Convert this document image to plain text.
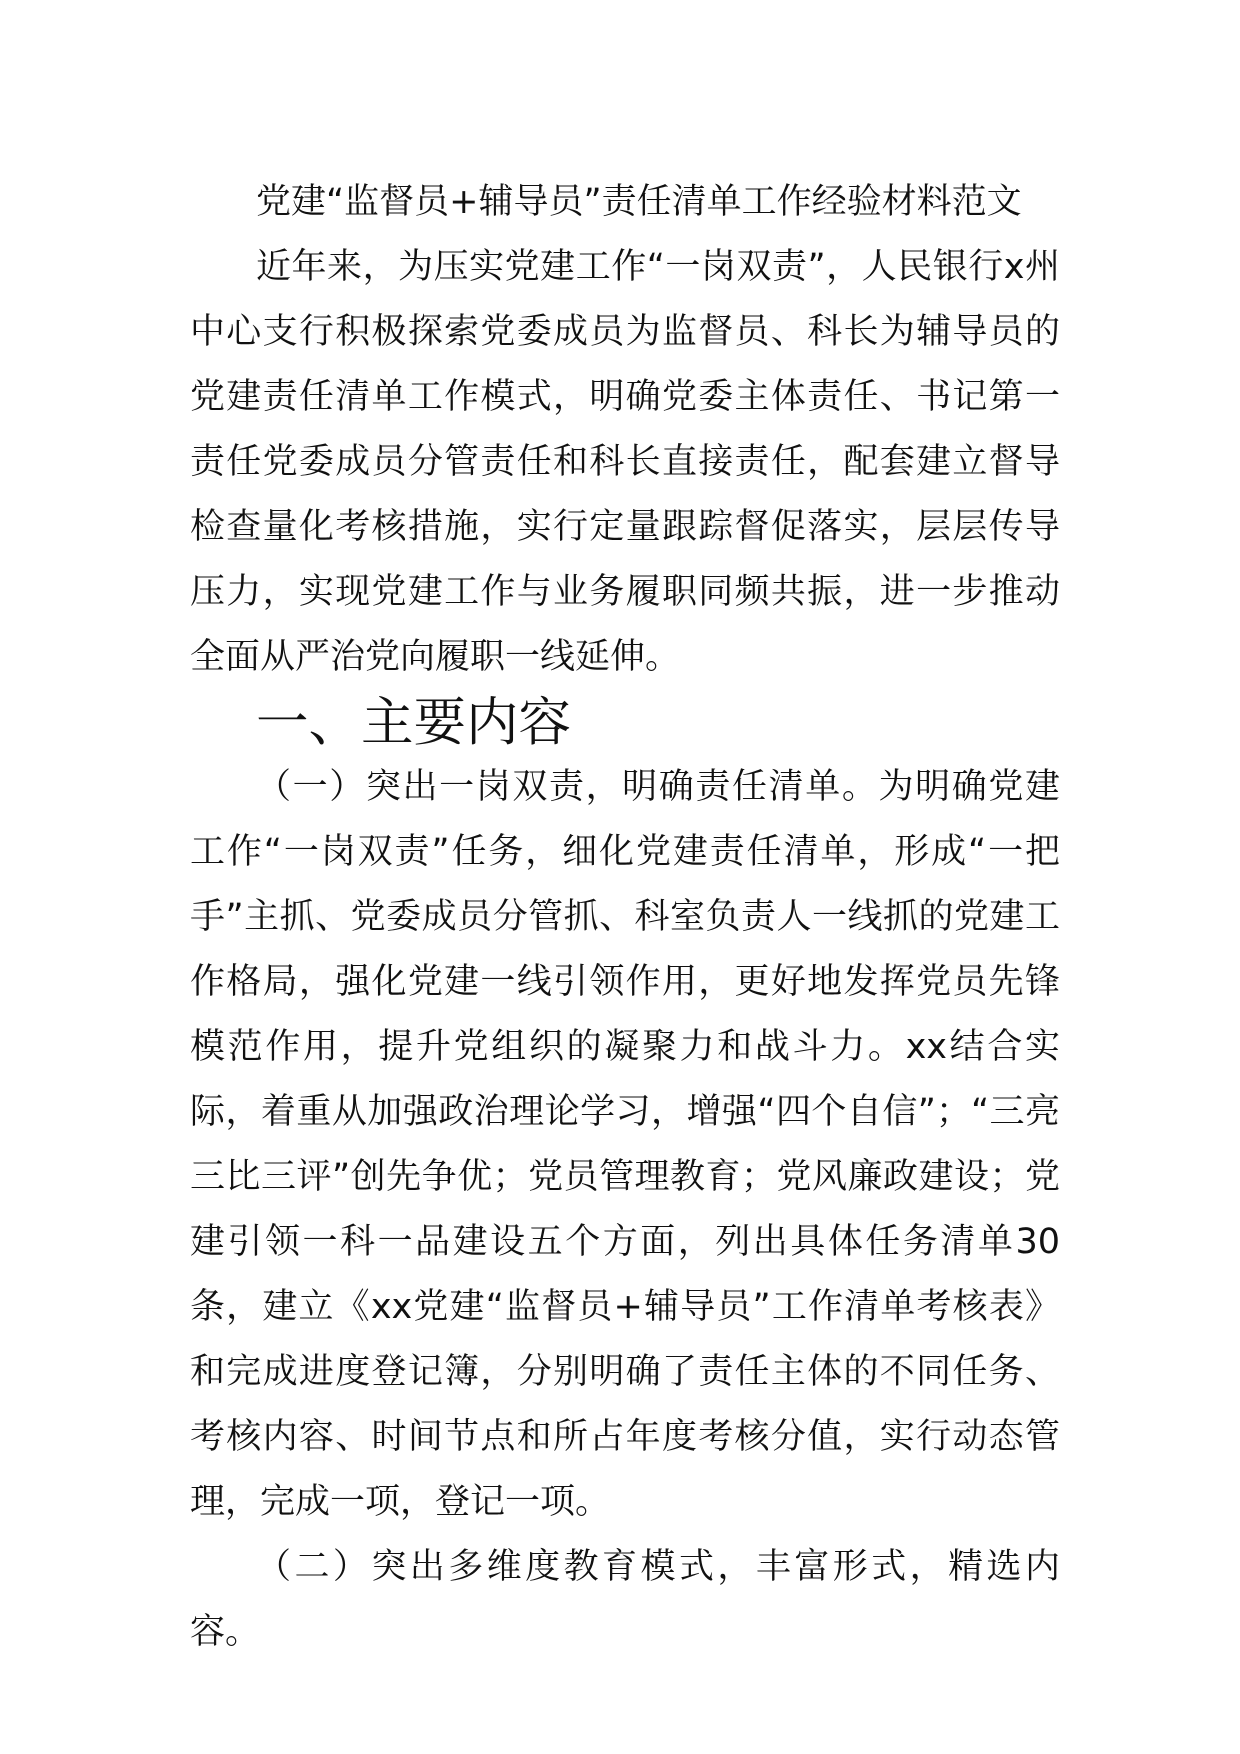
党建“监督员+辅导员”责任清单工作经验材料范文

近年来，为压实党建工作“一岗双责”，人民银行x州中心支行积极探索党委成员为监督员、科长为辅导员的党建责任清单工作模式，明确党委主体责任、书记第一责任党委成员分管责任和科长直接责任，配套建立督导检查量化考核措施，实行定量跟踪督促落实，层层传导压力，实现党建工作与业务履职同频共振，进一步推动全面从严治党向履职一线延伸。

一、主要内容

（一）突出一岗双责，明确责任清单。为明确党建工作“一岗双责”任务，细化党建责任清单，形成“一把手”主抓、党委成员分管抓、科室负责人一线抓的党建工作格局，强化党建一线引领作用，更好地发挥党员先锋模范作用，提升党组织的凝聚力和战斗力。xx结合实际，着重从加强政治理论学习，增强“四个自信”；“三亮三比三评”创先争优；党员管理教育；党风廉政建设；党建引领一科一品建设五个方面，列出具体任务清单30条，建立《xx党建“监督员+辅导员”工作清单考核表》和完成进度登记簿，分别明确了责任主体的不同任务、考核内容、时间节点和所占年度考核分值，实行动态管理，完成一项，登记一项。

（二）突出多维度教育模式，丰富形式，精选内容。
